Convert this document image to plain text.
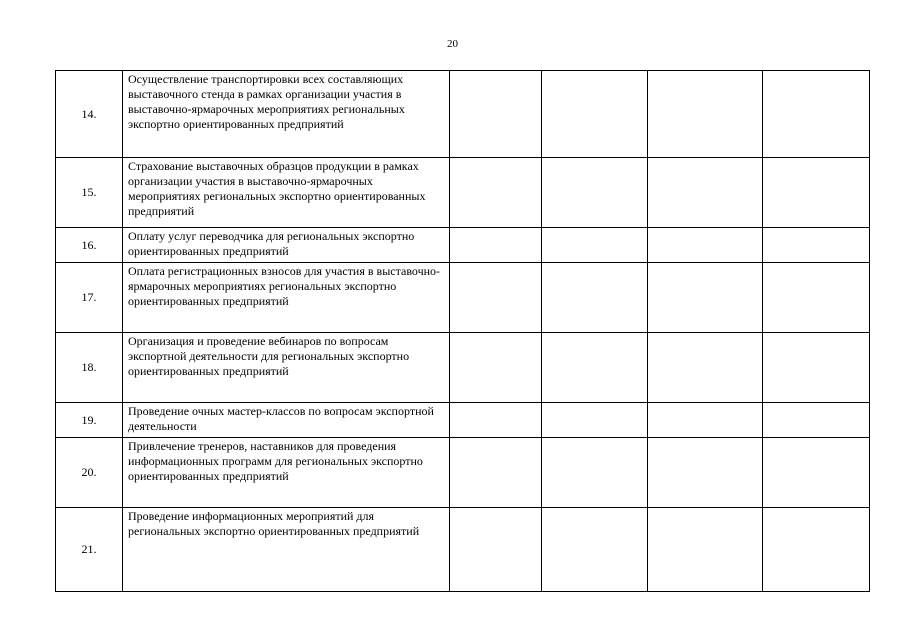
20
14.	Осуществление транспортировки всех составляющих выставочного стенда в рамках организации участия в выставочно-ярмарочных мероприятиях региональных экспортно ориентированных предприятий				
15.	Страхование выставочных образцов продукции в рамках организации участия в выставочно-ярмарочных мероприятиях региональных экспортно ориентированных предприятий				
16.	Оплату услуг переводчика для региональных экспортно ориентированных предприятий				
17.	Оплата регистрационных взносов для участия в выставочно-ярмарочных мероприятиях региональных экспортно ориентированных предприятий				
18.	Организация и проведение вебинаров по вопросам экспортной деятельности для региональных экспортно ориентированных предприятий				
19.	Проведение очных мастер-классов по вопросам экспортной деятельности				
20.	Привлечение тренеров, наставников для проведения информационных программ для региональных экспортно ориентированных предприятий				
21.	Проведение информационных мероприятий для региональных экспортно ориентированных предприятий				
